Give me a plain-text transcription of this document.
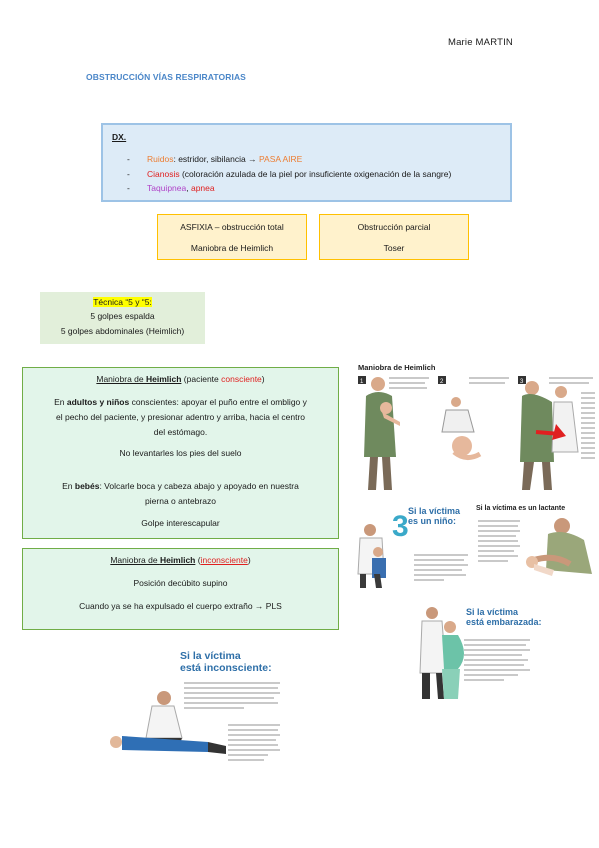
Marie MARTIN
OBSTRUCCIÓN VÍAS RESPIRATORIAS
DX.
- Ruidos: estridor, sibilancia → PASA AIRE
- Cianosis (coloración azulada de la piel por insuficiente oxigenación de la sangre)
- Taquipnea, apnea
ASFIXIA – obstrucción total
Maniobra de Heimlich
Obstrucción parcial
Toser
Técnica “5 y “5:
5 golpes espalda
5 golpes abdominales (Heimlich)
Maniobra de Heimlich (paciente consciente)
En adultos y niños conscientes: apoyar el puño entre el ombligo y
el pecho del paciente, y presionar adentro y arriba, hacia el centro
del estómago.
No levantarles los pies del suelo
En bebés: Volcarle boca y cabeza abajo y apoyado en nuestra
pierna o antebrazo
Golpe interescapular
Maniobra de Heimlich (inconsciente)
Posición decúbito supino
Cuando ya se ha expulsado el cuerpo extraño → PLS
Maniobra de Heimlich
1	2	3
3 Si la víctima
es un niño:
Si la víctima es un lactante
Si la víctima
está embarazada:
Si la víctima
está inconsciente:
